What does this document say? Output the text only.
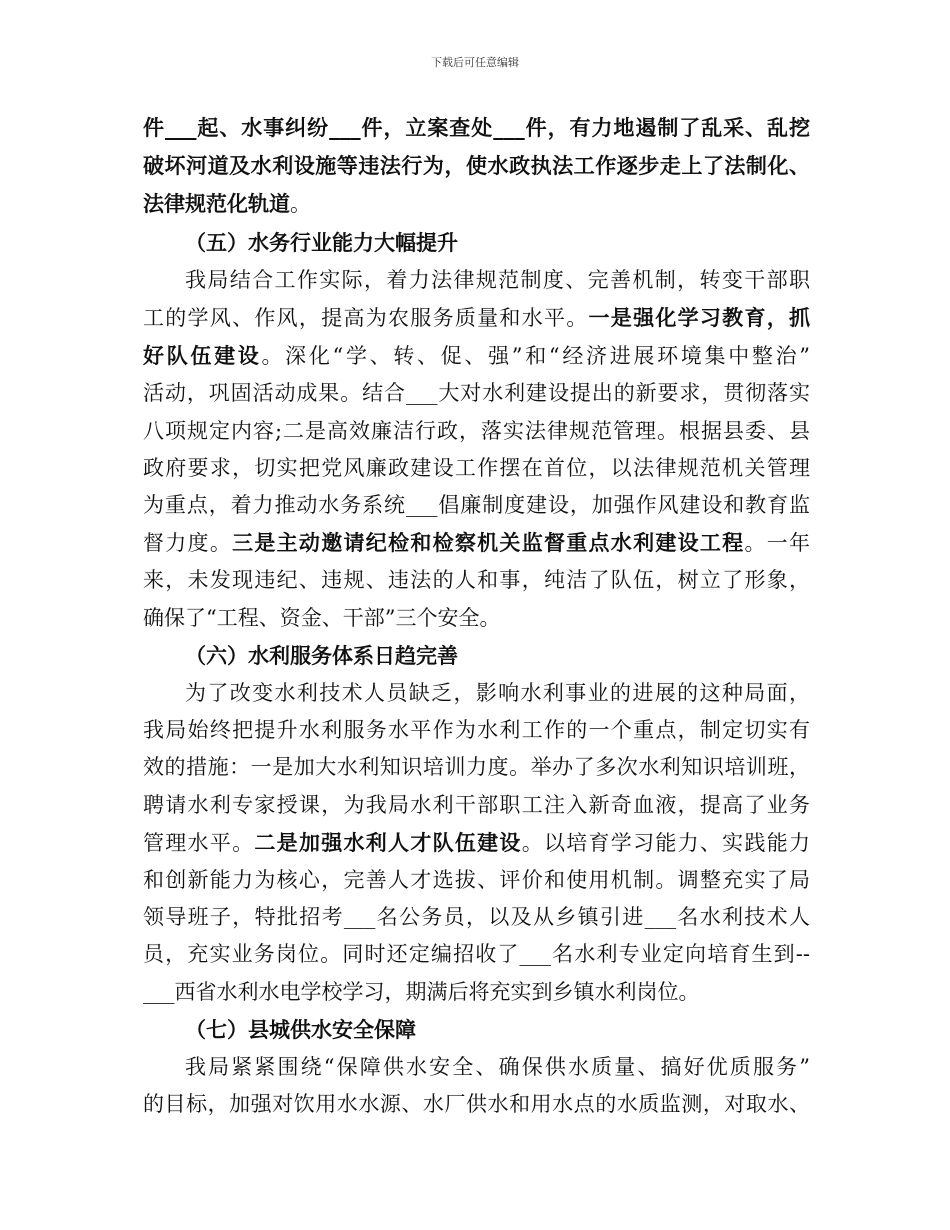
下载后可任意编辑
件___起、水事纠纷___件，立案查处___件，有力地遏制了乱采、乱挖
破坏河道及水利设施等违法行为，使水政执法工作逐步走上了法制化、
法律规范化轨道。
（五）水务行业能力大幅提升
我局结合工作实际，着力法律规范制度、完善机制，转变干部职
工的学风、作风，提高为农服务质量和水平。一是强化学习教育，抓
好队伍建设。深化“学、转、促、强”和“经济进展环境集中整治”
活动，巩固活动成果。结合___大对水利建设提出的新要求，贯彻落实
八项规定内容;二是高效廉洁行政，落实法律规范管理。根据县委、县
政府要求，切实把党风廉政建设工作摆在首位，以法律规范机关管理
为重点，着力推动水务系统___倡廉制度建设，加强作风建设和教育监
督力度。三是主动邀请纪检和检察机关监督重点水利建设工程。一年
来，未发现违纪、违规、违法的人和事，纯洁了队伍，树立了形象，
确保了“工程、资金、干部”三个安全。
（六）水利服务体系日趋完善
为了改变水利技术人员缺乏，影响水利事业的进展的这种局面，
我局始终把提升水利服务水平作为水利工作的一个重点，制定切实有
效的措施：一是加大水利知识培训力度。举办了多次水利知识培训班，
聘请水利专家授课，为我局水利干部职工注入新奇血液，提高了业务
管理水平。二是加强水利人才队伍建设。以培育学习能力、实践能力
和创新能力为核心，完善人才选拔、评价和使用机制。调整充实了局
领导班子，特批招考___名公务员，以及从乡镇引进___名水利技术人
员，充实业务岗位。同时还定编招收了___名水利专业定向培育生到--
___西省水利水电学校学习，期满后将充实到乡镇水利岗位。
（七）县城供水安全保障
我局紧紧围绕“保障供水安全、确保供水质量、搞好优质服务”
的目标，加强对饮用水水源、水厂供水和用水点的水质监测，对取水、
